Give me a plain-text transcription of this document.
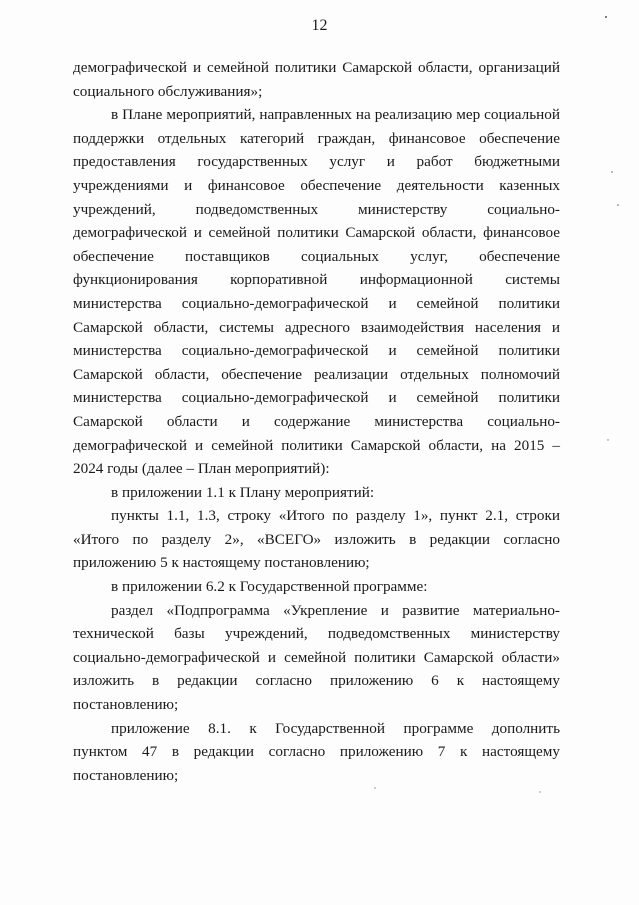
12
демографической и семейной политики Самарской области, организаций
социального обслуживания»;
в Плане мероприятий, направленных на реализацию мер социальной
поддержки отдельных категорий граждан, финансовое обеспечение
предоставления государственных услуг и работ бюджетными
учреждениями и финансовое обеспечение деятельности казенных
учреждений, подведомственных министерству социально-
демографической и семейной политики Самарской области, финансовое
обеспечение поставщиков социальных услуг, обеспечение
функционирования корпоративной информационной системы
министерства социально-демографической и семейной политики
Самарской области, системы адресного взаимодействия населения и
министерства социально-демографической и семейной политики
Самарской области, обеспечение реализации отдельных полномочий
министерства социально-демографической и семейной политики
Самарской области и содержание министерства социально-
демографической и семейной политики Самарской области, на 2015 –
2024 годы (далее – План мероприятий):
в приложении 1.1 к Плану мероприятий:
пункты 1.1, 1.3, строку «Итого по разделу 1», пункт 2.1, строки
«Итого по разделу 2», «ВСЕГО» изложить в редакции согласно
приложению 5 к настоящему постановлению;
в приложении 6.2 к Государственной программе:
раздел «Подпрограмма «Укрепление и развитие материально-
технической базы учреждений, подведомственных министерству
социально-демографической и семейной политики Самарской области»
изложить в редакции согласно приложению 6 к настоящему
постановлению;
приложение 8.1. к Государственной программе дополнить
пунктом 47 в редакции согласно приложению 7 к настоящему
постановлению;
